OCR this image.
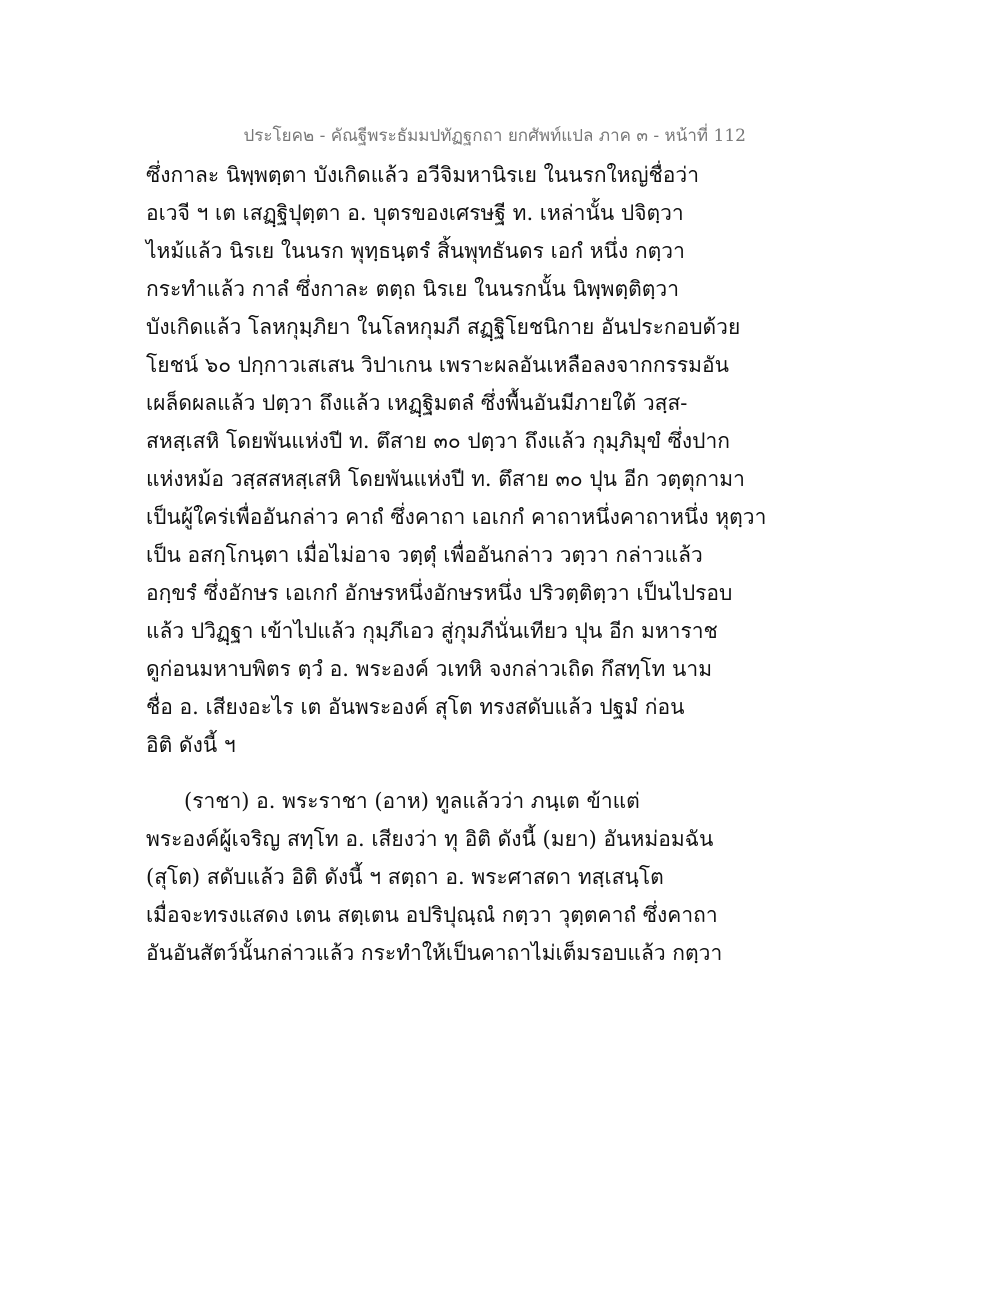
ประโยค๒ - คัณฐีพระธัมมปทัฏฐกถา ยกศัพท์แปล ภาค ๓ - หน้าที่ 112
ซึ่งกาละ นิพฺพตฺตา บังเกิดแล้ว อวีจิมหานิรเย ในนรกใหญ่ชื่อว่า
อเวจี ฯ เต เสฏฺฐิปุตฺตา อ. บุตรของเศรษฐี ท. เหล่านั้น ปจิตฺวา
ไหม้แล้ว นิรเย ในนรก พุทฺธนฺตรํ สิ้นพุทธันดร เอกํ หนึ่ง กตฺวา
กระทำแล้ว กาลํ ซึ่งกาละ ตตฺถ นิรเย ในนรกนั้น นิพฺพตฺติตฺวา
บังเกิดแล้ว โลหกุมฺภิยา ในโลหกุมภี สฏฺฐิโยชนิกาย อันประกอบด้วย
โยชน์ ๖๐ ปกฺกาวเสเสน วิปาเกน เพราะผลอันเหลือลงจากกรรมอัน
เผล็ดผลแล้ว ปตฺวา ถึงแล้ว เหฏฺฐิมตลํ ซึ่งพื้นอันมีภายใต้ วสฺส-
สหสฺเสหิ โดยพันแห่งปี ท. ตึสาย ๓๐ ปตฺวา ถึงแล้ว กุมฺภิมุขํ ซึ่งปาก
แห่งหม้อ วสฺสสหสฺเสหิ โดยพันแห่งปี ท. ตึสาย ๓๐ ปุน อีก วตฺตุกามา
เป็นผู้ใคร่เพื่ออันกล่าว คาถํ ซึ่งคาถา เอเกกํ คาถาหนึ่งคาถาหนึ่ง หุตฺวา
เป็น อสกฺโกนฺตา เมื่อไม่อาจ วตฺตุํ เพื่ออันกล่าว วตฺวา กล่าวแล้ว
อกฺขรํ ซึ่งอักษร เอเกกํ อักษรหนึ่งอักษรหนึ่ง ปริวตฺติตฺวา เป็นไปรอบ
แล้ว ปวิฏฺฐา เข้าไปแล้ว กุมฺภึเอว สู่กุมภีนั่นเทียว ปุน อีก มหาราช
ดูก่อนมหาบพิตร ตฺวํ อ. พระองค์ วเทหิ จงกล่าวเถิด กึสทฺโท นาม
ชื่อ อ. เสียงอะไร เต อันพระองค์ สุโต ทรงสดับแล้ว ปฐมํ ก่อน
อิติ ดังนี้ ฯ
(ราชา) อ. พระราชา (อาห) ทูลแล้วว่า ภนฺเต ข้าแต่
พระองค์ผู้เจริญ สทฺโท อ. เสียงว่า ทุ อิติ ดังนี้ (มยา) อันหม่อมฉัน
(สุโต) สดับแล้ว อิติ ดังนี้ ฯ สตฺถา อ. พระศาสดา ทสฺเสนฺโต
เมื่อจะทรงแสดง เตน สตฺเตน อปริปุณฺณํ กตฺวา วุตฺตคาถํ ซึ่งคาถา
อันอันสัตว์นั้นกล่าวแล้ว กระทำให้เป็นคาถาไม่เต็มรอบแล้ว กตฺวา
